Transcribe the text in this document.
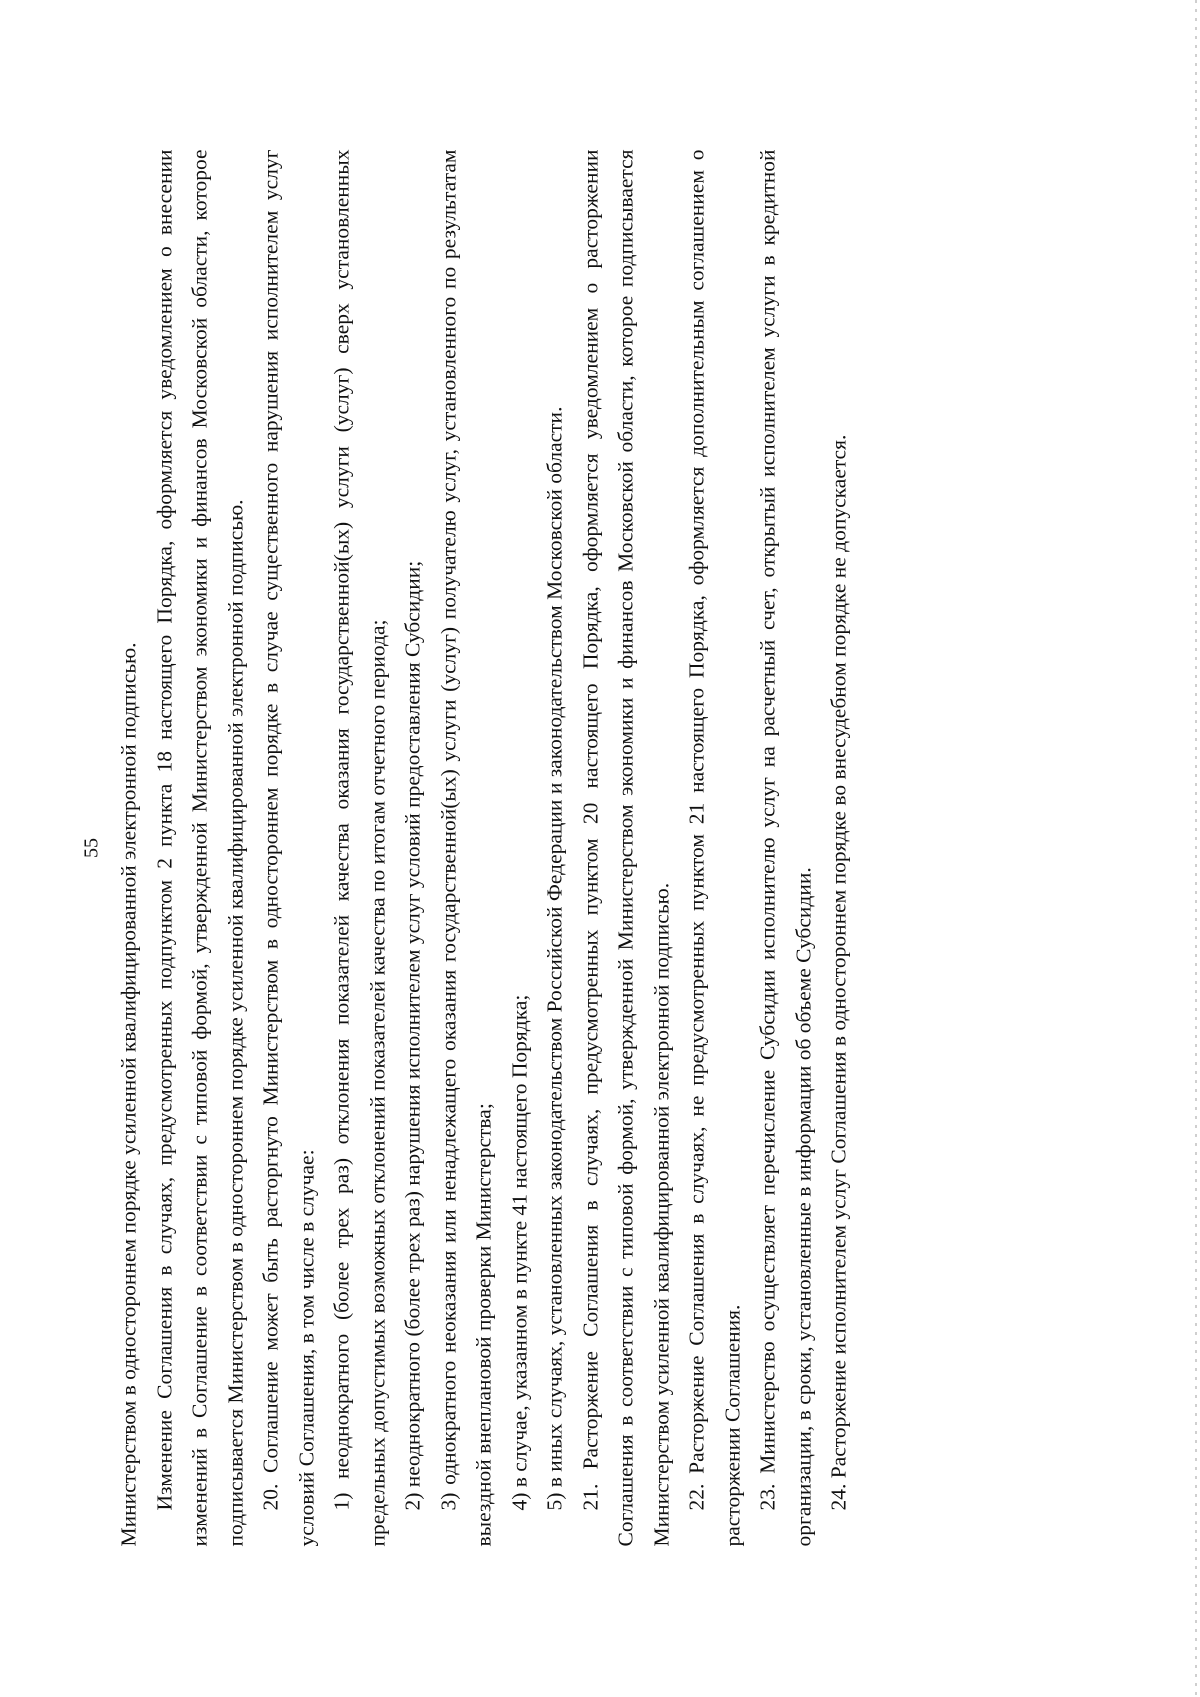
55 Министерством в одностороннем порядке усиленной квалифицированной электронной подписью. Изменение Соглашения в случаях, предусмотренных подпунктом 2 пункта 18 настоящего Порядка, оформляется уведомлением о внесении изменений в Соглашение в соответствии с типовой формой, утвержденной Министерством экономики и финансов Московской области, которое подписывается Министерством в одностороннем порядке усиленной квалифицированной электронной подписью. 20. Соглашение может быть расторгнуто Министерством в одностороннем порядке в случае существенного нарушения исполнителем услуг условий Соглашения, в том числе в случае: 1) неоднократного (более трех раз) отклонения показателей качества оказания государственной(ых) услуги (услуг) сверх установленных предельных допустимых возможных отклонений показателей качества по итогам отчетного периода; 2) неоднократного (более трех раз) нарушения исполнителем услуг условий предоставления Субсидии; 3) однократного неоказания или ненадлежащего оказания государственной(ых) услуги (услуг) получателю услуг, установленного по результатам выездной внеплановой проверки Министерства; 4) в случае, указанном в пункте 41 настоящего Порядка; 5) в иных случаях, установленных законодательством Российской Федерации и законодательством Московской области. 21. Расторжение Соглашения в случаях, предусмотренных пунктом 20 настоящего Порядка, оформляется уведомлением о расторжении Соглашения в соответствии с типовой формой, утвержденной Министерством экономики и финансов Московской области, которое подписывается Министерством усиленной квалифицированной электронной подписью. 22. Расторжение Соглашения в случаях, не предусмотренных пунктом 21 настоящего Порядка, оформляется дополнительным соглашением о расторжении Соглашения. 23. Министерство осуществляет перечисление Субсидии исполнителю услуг на расчетный счет, открытый исполнителем услуги в кредитной организации, в сроки, установленные в информации об объеме Субсидии. 24. Расторжение исполнителем услуг Соглашения в одностороннем порядке во внесудебном порядке не допускается.
